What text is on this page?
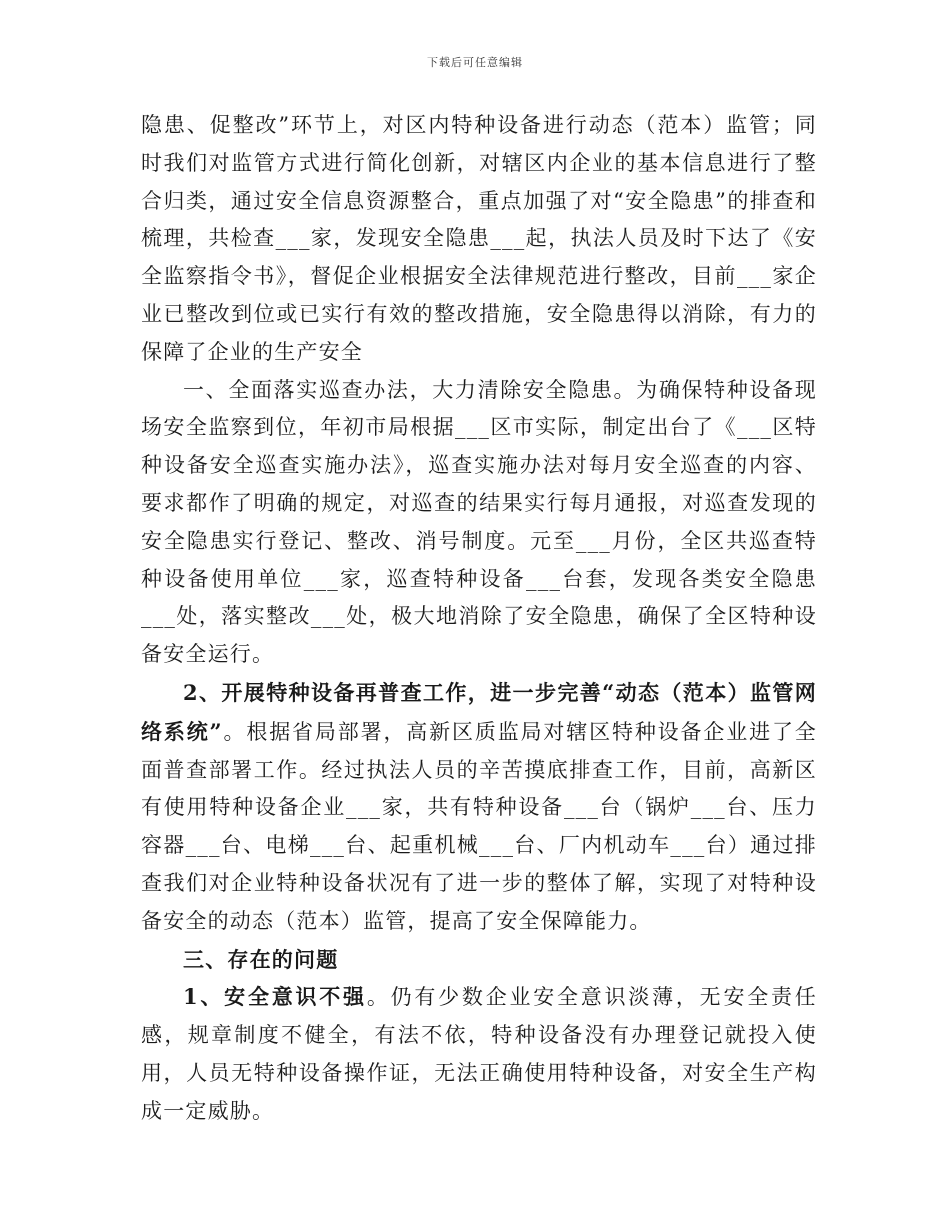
下载后可任意编辑

隐患、促整改”环节上，对区内特种设备进行动态（范本）监管；同时我们对监管方式进行简化创新，对辖区内企业的基本信息进行了整合归类，通过安全信息资源整合，重点加强了对“安全隐患”的排查和梳理，共检查___家，发现安全隐患___起，执法人员及时下达了《安全监察指令书》，督促企业根据安全法律规范进行整改，目前___家企业已整改到位或已实行有效的整改措施，安全隐患得以消除，有力的保障了企业的生产安全

一、全面落实巡查办法，大力清除安全隐患。为确保特种设备现场安全监察到位，年初市局根据___区市实际，制定出台了《___区特种设备安全巡查实施办法》，巡查实施办法对每月安全巡查的内容、要求都作了明确的规定，对巡查的结果实行每月通报，对巡查发现的安全隐患实行登记、整改、消号制度。元至___月份，全区共巡查特种设备使用单位___家，巡查特种设备___台套，发现各类安全隐患___处，落实整改___处，极大地消除了安全隐患，确保了全区特种设备安全运行。

2、开展特种设备再普查工作，进一步完善“动态（范本）监管网络系统”。根据省局部署，高新区质监局对辖区特种设备企业进了全面普查部署工作。经过执法人员的辛苦摸底排查工作，目前，高新区有使用特种设备企业___家，共有特种设备___台（锅炉___台、压力容器___台、电梯___台、起重机械___台、厂内机动车___台）通过排查我们对企业特种设备状况有了进一步的整体了解，实现了对特种设备安全的动态（范本）监管，提高了安全保障能力。

三、存在的问题

1、安全意识不强。仍有少数企业安全意识淡薄，无安全责任感，规章制度不健全，有法不依，特种设备没有办理登记就投入使用，人员无特种设备操作证，无法正确使用特种设备，对安全生产构成一定威胁。
